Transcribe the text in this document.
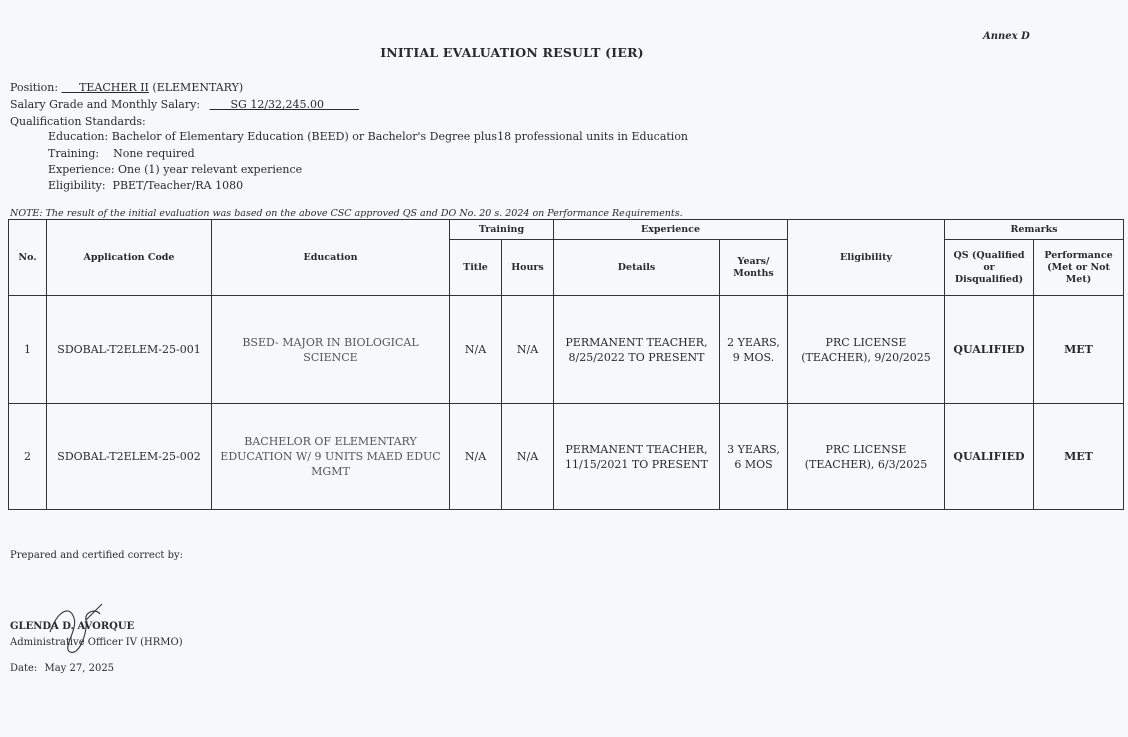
Annex D
INITIAL EVALUATION RESULT (IER)
Position: TEACHER II (ELEMENTARY)
Salary Grade and Monthly Salary:	SG 12/32,245.00
Qualification Standards:
Education: Bachelor of Elementary Education (BEED) or Bachelor's Degree plus18 professional units in Education
Training:    None required
Experience: One (1) year relevant experience
Eligibility:  PBET/Teacher/RA 1080
NOTE: The result of the initial evaluation was based on the above CSC approved QS and DO No. 20 s. 2024 on Performance Requirements.
No.	Application Code	Education	Training		Experience		Eligibility	Remarks	
			Title	Hours	Details	Years/ Months		QS (Qualified or Disqualified)	Performance (Met or Not Met)
1	SDOBAL-T2ELEM-25-001	BSED- MAJOR IN BIOLOGICAL SCIENCE	N/A	N/A	PERMANENT TEACHER, 8/25/2022 TO PRESENT	2 YEARS, 9 MOS.	PRC LICENSE (TEACHER), 9/20/2025	QUALIFIED	MET
2	SDOBAL-T2ELEM-25-002	BACHELOR OF ELEMENTARY EDUCATION W/ 9 UNITS MAED EDUC MGMT	N/A	N/A	PERMANENT TEACHER, 11/15/2021 TO PRESENT	3 YEARS, 6 MOS	PRC LICENSE (TEACHER), 6/3/2025	QUALIFIED	MET
Prepared and certified correct by:
GLENDA D. AVORQUE
Administrative Officer IV (HRMO)
Date: May 27, 2025
